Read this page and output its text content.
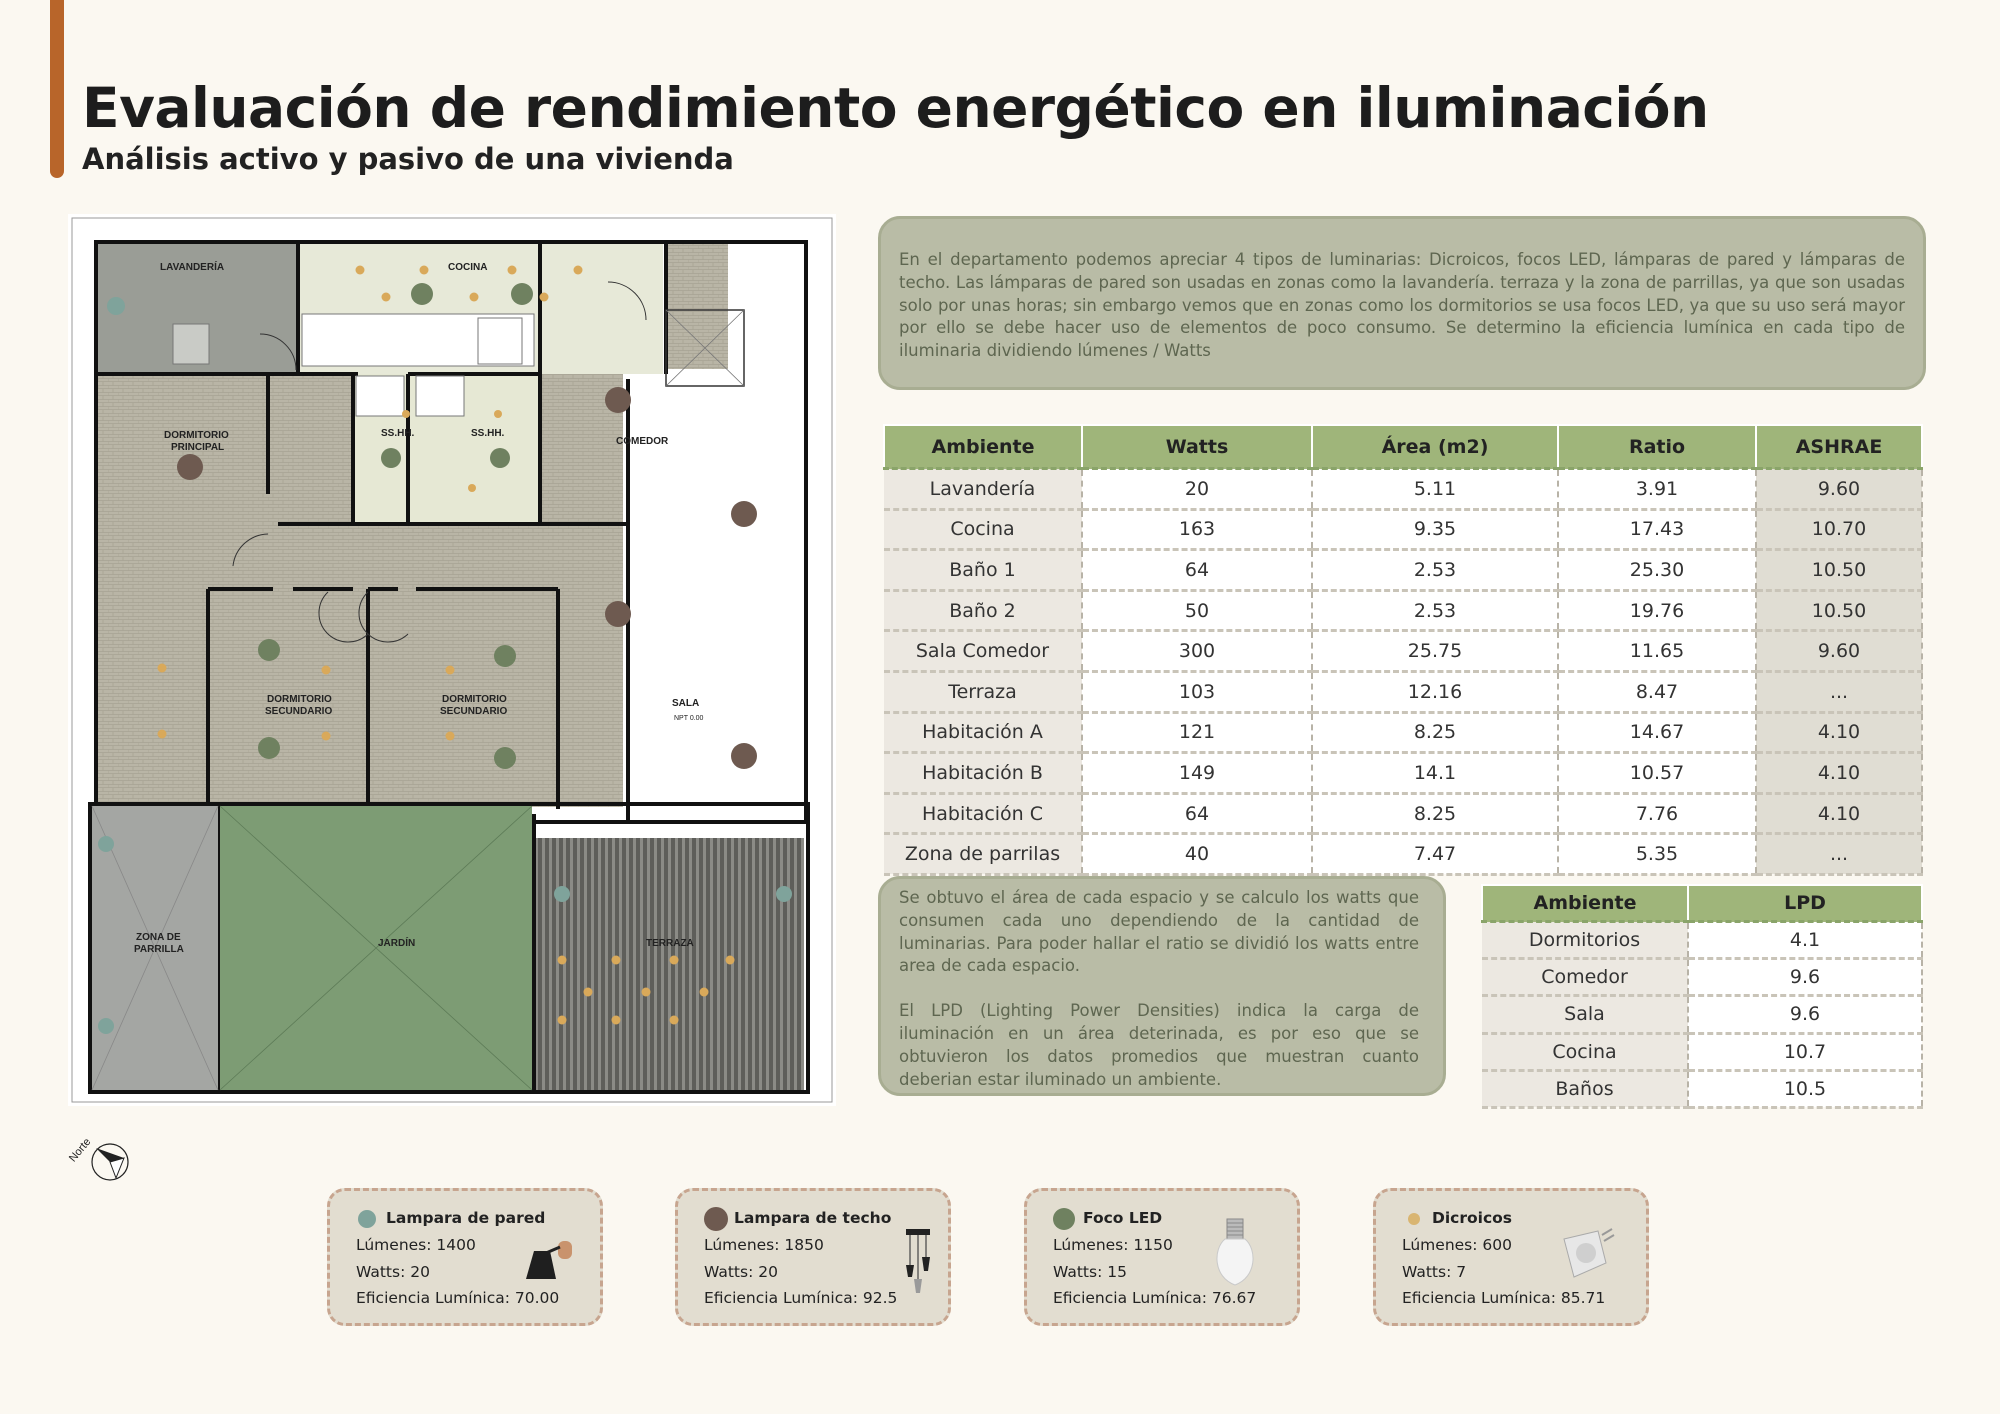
Evaluación de rendimiento energético en iluminación
Análisis activo y pasivo de una vivienda
LAVANDERÍA	COCINA
DORMITORIO
PRINCIPAL
SS.HH.	SS.HH.
COMEDOR
DORMITORIO
SECUNDARIO
DORMITORIO
SECUNDARIO
SALA
NPT 0.00
ZONA DE
PARRILLA
JARDÍN	TERRAZA
Norte
En el departamento podemos apreciar 4 tipos de luminarias: Dicroicos, focos LED, lámparas de pared y lámparas de techo. Las lámparas de pared son usadas en zonas como la lavandería. terraza y la zona de parrillas, ya que son usadas solo por unas horas; sin embargo vemos que en zonas como los dormitorios se usa focos LED, ya que su uso será mayor por ello se debe hacer uso de elementos de poco consumo. Se determino la eficiencia lumínica en cada tipo de iluminaria dividiendo lúmenes / Watts
Ambiente	Watts	Área (m2)	Ratio	ASHRAE
Lavandería	20	5.11	3.91	9.60
Cocina	163	9.35	17.43	10.70
Baño 1	64	2.53	25.30	10.50
Baño 2	50	2.53	19.76	10.50
Sala Comedor	300	25.75	11.65	9.60
Terraza	103	12.16	8.47	...
Habitación A	121	8.25	14.67	4.10
Habitación B	149	14.1	10.57	4.10
Habitación C	64	8.25	7.76	4.10
Zona de parrilas	40	7.47	5.35	...

Se obtuvo el área de cada espacio y se calculo los watts que consumen cada uno dependiendo de la cantidad de luminarias. Para poder hallar el ratio se dividió los watts entre area de cada espacio.

El LPD (Lighting Power Densities) indica la carga de iluminación en un área deterinada, es por eso que se obtuvieron los datos promedios que muestran cuanto deberian estar iluminado un ambiente.

Ambiente	LPD
Dormitorios	4.1
Comedor	9.6
Sala	9.6
Cocina	10.7
Baños	10.5
Lampara de pared
Lúmenes: 1400
Watts: 20
Eficiencia Lumínica: 70.00
Lampara de techo
Lúmenes: 1850
Watts: 20
Eficiencia Lumínica: 92.5
Foco LED
Lúmenes: 1150
Watts: 15
Eficiencia Lumínica: 76.67
Dicroicos
Lúmenes: 600
Watts: 7
Eficiencia Lumínica: 85.71
